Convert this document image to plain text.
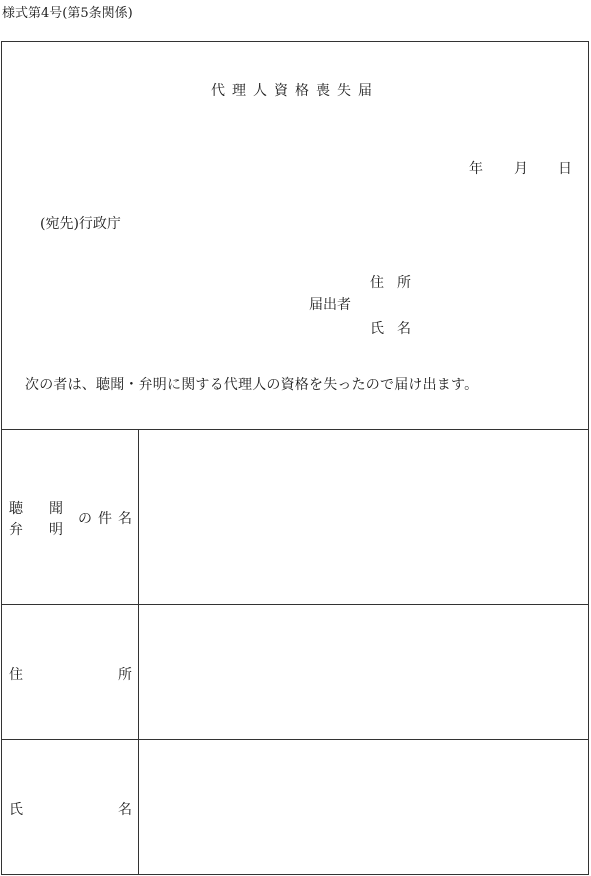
様式第4号(第5条関係)
代理人資格喪失届
年 月 日
(宛先)行政庁
住 所
届出者
氏 名
次の者は、聴聞・弁明に関する代理人の資格を失ったので届け出ます。
聴 聞
弁 明
の 件 名
住	所
氏	名
